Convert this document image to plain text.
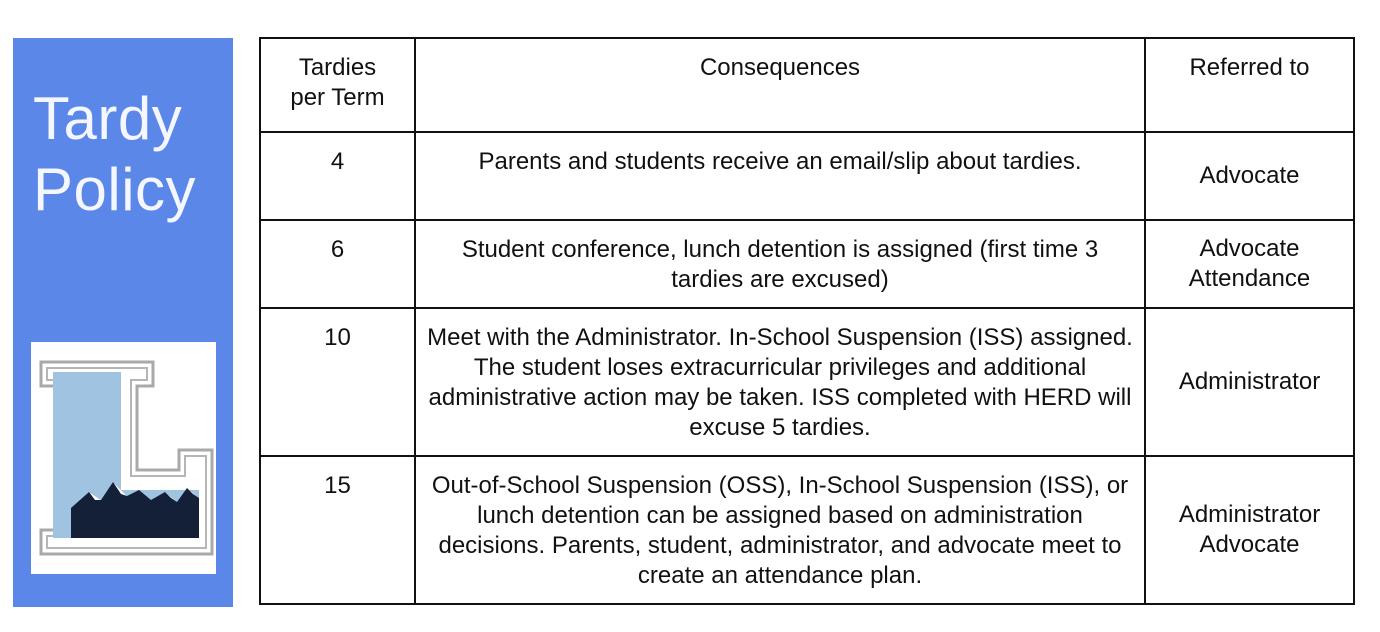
Tardy
Policy
Tardies
per Term	Consequences	Referred to
4	Parents and students receive an email/slip about tardies.	Advocate

6	Student conference, lunch detention is assigned (first time 3 tardies are excused)	Advocate
Attendance

10	Meet with the Administrator. In-School Suspension (ISS) assigned. The student loses extracurricular privileges and additional administrative action may be taken. ISS completed with HERD will excuse 5 tardies.	Administrator

15	Out-of-School Suspension (OSS), In-School Suspension (ISS), or lunch detention can be assigned based on administration decisions. Parents, student, administrator, and advocate meet to create an attendance plan.	Administrator
Advocate
